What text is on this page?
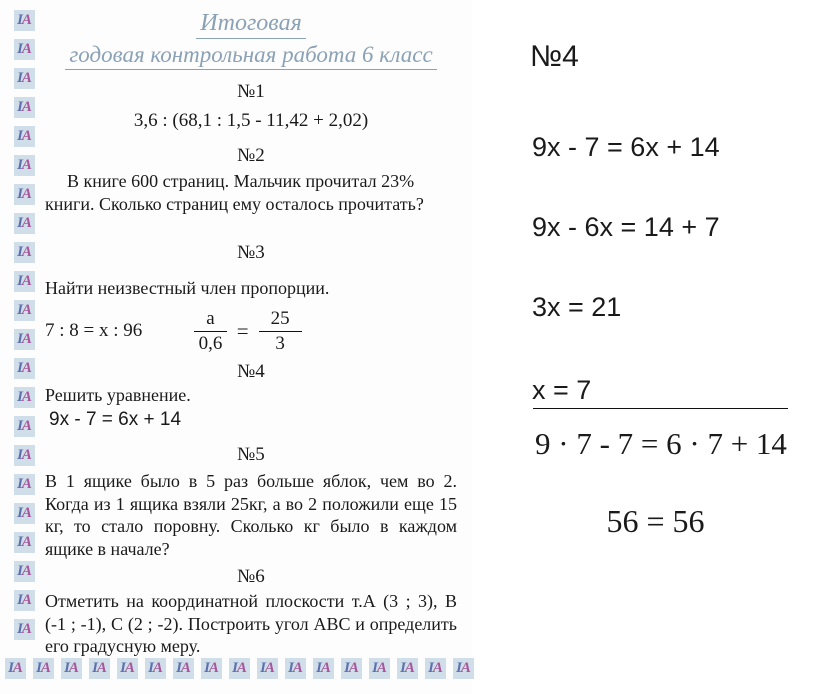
І А
І А
І А
І А
І А
І А
І А
І А
І А
І А
І А
І А
І А
І А
І А
І А
І А
І А
І А
І А
І А
І А
І А І А І А І А І А І А І А І А І А І А І А І А І А І А І А І А І А
Итоговая
годовая контрольная работа 6 класс
№1
3,6 : (68,1 : 1,5 - 11,42 + 2,02)
№2
В книге 600 страниц. Мальчик прочитал 23% книги. Сколько страниц ему осталось прочитать?
№3
Найти неизвестный член пропорции.
7 : 8 = x : 96	$\frac{а}{0,6} = \frac{25}{3}$
№4
Решить уравнение.
9x - 7 = 6x + 14
№5
В 1 ящике было в 5 раз больше яблок, чем во 2. Когда из 1 ящика взяли 25кг, а во 2 положили еще 15 кг, то стало поровну. Сколько кг было в каждом ящике в начале?
№6
Отметить на координатной плоскости т.А (3 ; 3), В (-1 ; -1), С (2 ; -2). Построить угол АВС и определить его градусную меру.
№4
9x - 7 = 6x + 14
9x - 6x = 14 + 7
3x = 21
x = 7
9 · 7 - 7 = 6 · 7 + 14
56 = 56
